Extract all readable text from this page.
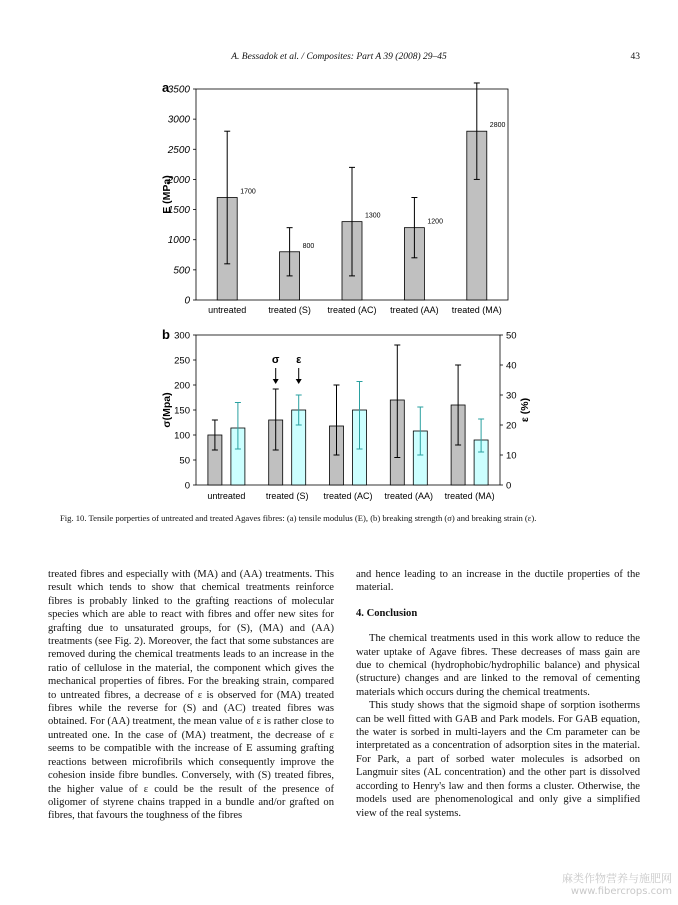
A. Bessadok et al. / Composites: Part A 39 (2008) 29–45	43
0
500
1000
1500
2000
2500
3000
3500
E (MPa)
a
1700
untreated
800
treated (S)
1300
treated (AC)
1200
treated (AA)
2800
treated (MA)
0
50
100
150
200
250
300
0
10
20
30
40
50
σ(Mpa)	ε (%)
b
untreated treated (S)
σ ε
treated (AC) treated (AA) treated (MA)
Fig. 10. Tensile porperties of untreated and treated Agaves fibres: (a) tensile modulus (E), (b) breaking strength (σ) and breaking strain (ε).

treated fibres and especially with (MA) and (AA) treatments. This result which tends to show that chemical treatments reinforce fibres is probably linked to the grafting reactions of molecular species which are able to react with fibres and offer new sites for grafting due to unsaturated groups, for (S), (MA) and (AA) treatments (see Fig. 2). Moreover, the fact that some substances are removed during the chemical treatments leads to an increase in the ratio of cellulose in the material, the component which gives the mechanical properties of fibres. For the breaking strain, compared to untreated fibres, a decrease of ε is observed for (MA) treated fibres while the reverse for (S) and (AC) treated fibres was obtained. For (AA) treatment, the mean value of ε is rather close to untreated one. In the case of (MA) treatment, the decrease of ε seems to be compatible with the increase of E assuming grafting reactions between microfibrils which consequently improve the cohesion inside fibre bundles. Conversely, with (S) treated fibres, the higher value of ε could be the result of the presence of oligomer of styrene chains trapped in a bundle and/or grafted on fibres, that favours the toughness of the fibres

and hence leading to an increase in the ductile properties of the material.

4. Conclusion

The chemical treatments used in this work allow to reduce the water uptake of Agave fibres. These decreases of mass gain are due to chemical (hydrophobic/hydrophilic balance) and physical (structure) changes and are linked to the removal of cementing materials which occurs during the chemical treatments.

This study shows that the sigmoid shape of sorption isotherms can be well fitted with GAB and Park models. For GAB equation, the water is sorbed in multi-layers and the Cm parameter can be interpretated as a concentration of adsorption sites in the material. For Park, a part of sorbed water molecules is adsorbed on Langmuir sites (AL concentration) and the other part is dissolved according to Henry's law and then forms a cluster. Otherwise, the models used are phenomenological and only give a simplified view of the real systems.

麻类作物营养与施肥网
www.fibercrops.com
